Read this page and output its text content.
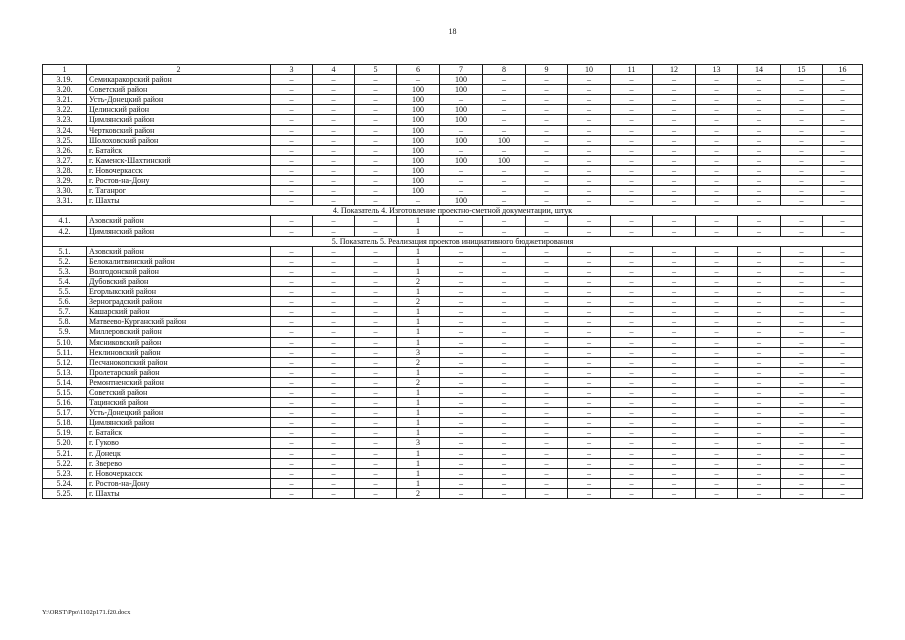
18
1	2	3	4	5	6	7	8	9	10	11	12	13	14	15	16
3.19.	Семикаракорский район	–	–	–	–	100	–	–	–	–	–	–	–	–	–
3.20.	Советский район	–	–	–	100	100	–	–	–	–	–	–	–	–	–
3.21.	Усть-Донецкий район	–	–	–	100	–	–	–	–	–	–	–	–	–	–
3.22.	Целинский район	–	–	–	100	100	–	–	–	–	–	–	–	–	–
3.23.	Цимлянский район	–	–	–	100	100	–	–	–	–	–	–	–	–	–
3.24.	Чертковский район	–	–	–	100	–	–	–	–	–	–	–	–	–	–
3.25.	Шолоховский район	–	–	–	100	100	100	–	–	–	–	–	–	–	–
3.26.	г. Батайск	–	–	–	100	–	–	–	–	–	–	–	–	–	–
3.27.	г. Каменск-Шахтинский	–	–	–	100	100	100	–	–	–	–	–	–	–	–
3.28.	г. Новочеркасск	–	–	–	100	–	–	–	–	–	–	–	–	–	–
3.29.	г. Ростов-на-Дону	–	–	–	100	–	–	–	–	–	–	–	–	–	–
3.30.	г. Таганрог	–	–	–	100	–	–	–	–	–	–	–	–	–	–
3.31.	г. Шахты	–	–	–	–	100	–	–	–	–	–	–	–	–	–
4. Показатель 4. Изготовление проектно-сметной документации, штук															
4.1.	Азовский район	–	–	–	1	–	–	–	–	–	–	–	–	–	–
4.2.	Цимлянский район	–	–	–	1	–	–	–	–	–	–	–	–	–	–
5. Показатель 5. Реализация проектов инициативного бюджетирования															
5.1.	Азовский район	–	–	–	1	–	–	–	–	–	–	–	–	–	–
5.2.	Белокалитвинский район	–	–	–	1	–	–	–	–	–	–	–	–	–	–
5.3.	Волгодонской район	–	–	–	1	–	–	–	–	–	–	–	–	–	–
5.4.	Дубовский район	–	–	–	2	–	–	–	–	–	–	–	–	–	–
5.5.	Егорлыкский район	–	–	–	1	–	–	–	–	–	–	–	–	–	–
5.6.	Зерноградский район	–	–	–	2	–	–	–	–	–	–	–	–	–	–
5.7.	Кашарский район	–	–	–	1	–	–	–	–	–	–	–	–	–	–
5.8.	Матвеево-Курганский район	–	–	–	1	–	–	–	–	–	–	–	–	–	–
5.9.	Миллеровский район	–	–	–	1	–	–	–	–	–	–	–	–	–	–
5.10.	Мясниковский район	–	–	–	1	–	–	–	–	–	–	–	–	–	–
5.11.	Неклиновский район	–	–	–	3	–	–	–	–	–	–	–	–	–	–
5.12.	Песчанокопский район	–	–	–	2	–	–	–	–	–	–	–	–	–	–
5.13.	Пролетарский район	–	–	–	1	–	–	–	–	–	–	–	–	–	–
5.14.	Ремонтненский район	–	–	–	2	–	–	–	–	–	–	–	–	–	–
5.15.	Советский район	–	–	–	1	–	–	–	–	–	–	–	–	–	–
5.16.	Тацинский район	–	–	–	1	–	–	–	–	–	–	–	–	–	–
5.17.	Усть-Донецкий район	–	–	–	1	–	–	–	–	–	–	–	–	–	–
5.18.	Цимлянский район	–	–	–	1	–	–	–	–	–	–	–	–	–	–
5.19.	г. Батайск	–	–	–	1	–	–	–	–	–	–	–	–	–	–
5.20.	г. Гуково	–	–	–	3	–	–	–	–	–	–	–	–	–	–
5.21.	г. Донецк	–	–	–	1	–	–	–	–	–	–	–	–	–	–
5.22.	г. Зверево	–	–	–	1	–	–	–	–	–	–	–	–	–	–
5.23.	г. Новочеркасск	–	–	–	1	–	–	–	–	–	–	–	–	–	–
5.24.	г. Ростов-на-Дону	–	–	–	1	–	–	–	–	–	–	–	–	–	–
5.25.	г. Шахты	–	–	–	2	–	–	–	–	–	–	–	–	–	–
Y:\ORST\Ppo\1102p171.f20.docx
